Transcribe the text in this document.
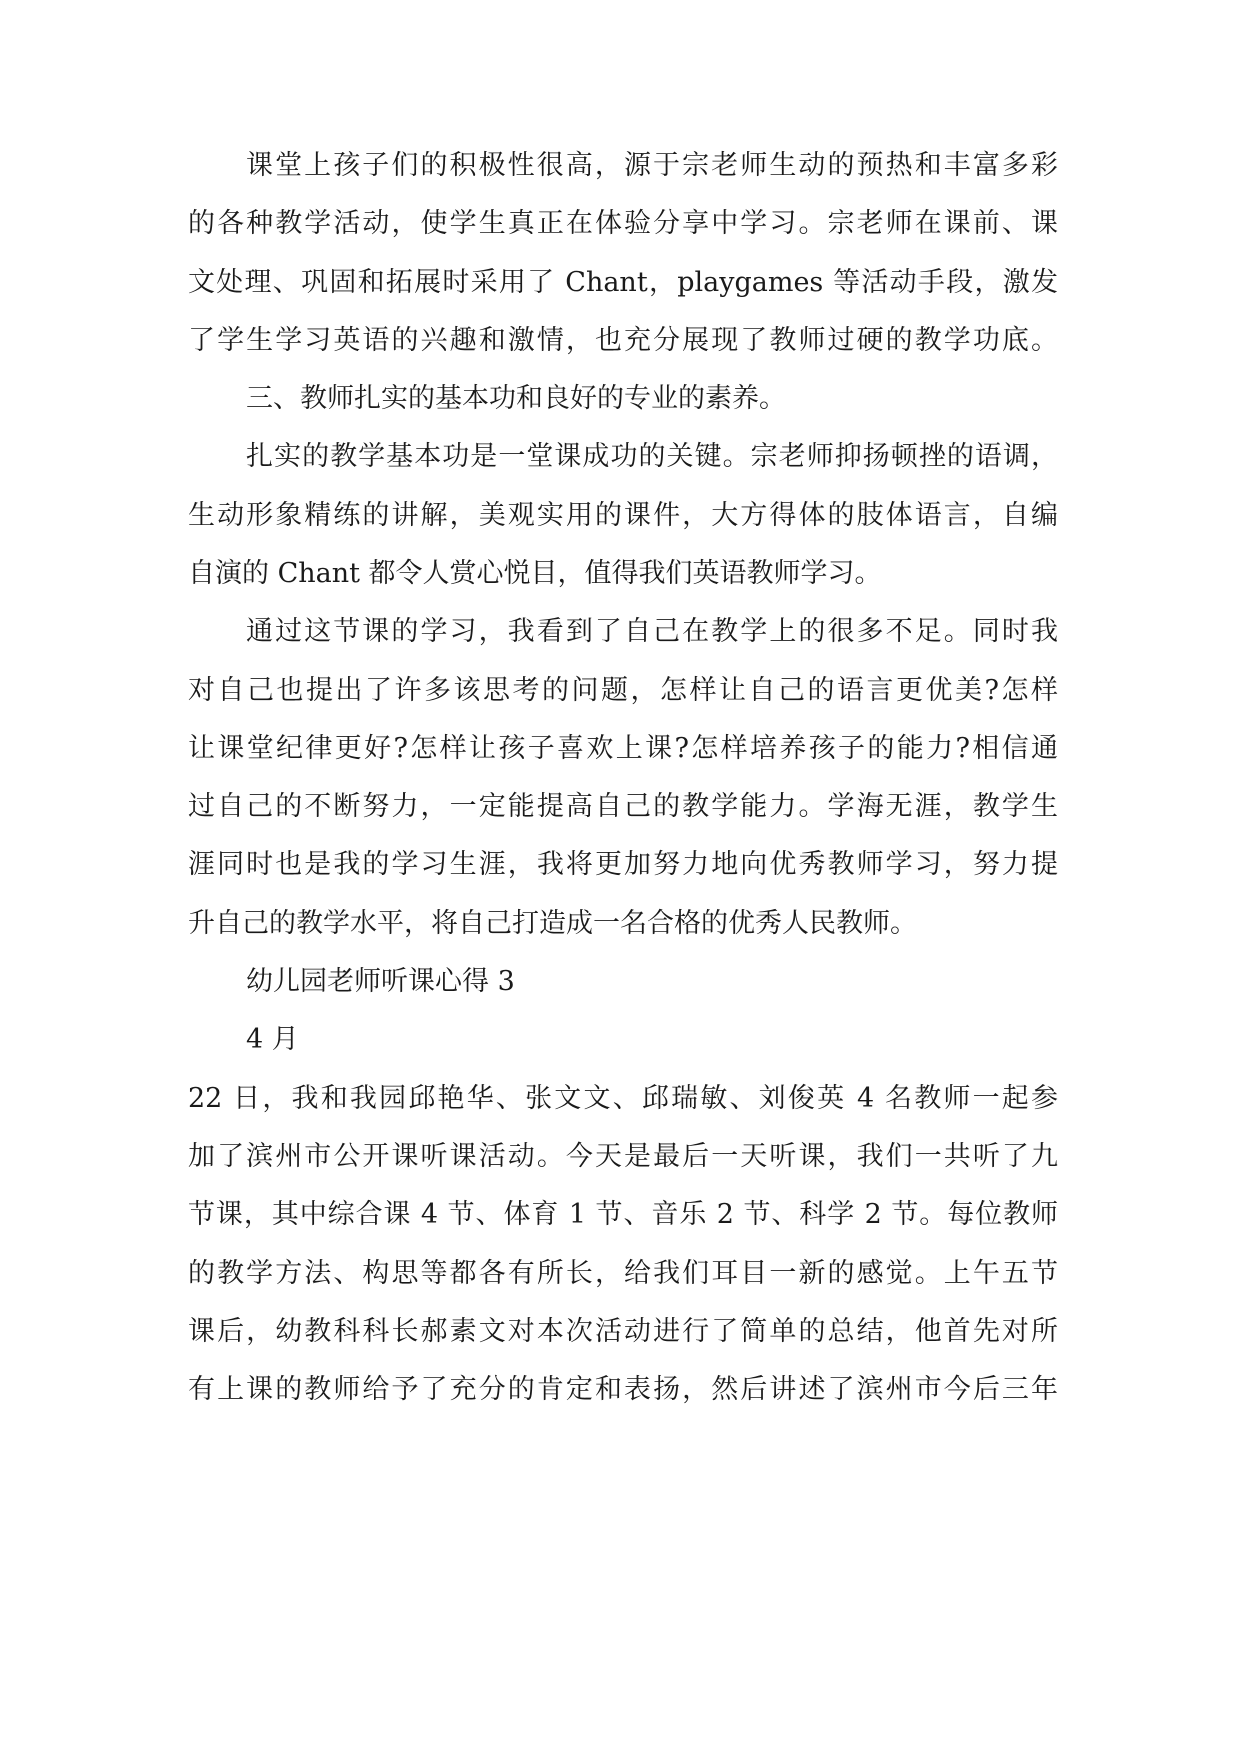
课堂上孩子们的积极性很高，源于宗老师生动的预热和丰富多彩
的各种教学活动，使学生真正在体验分享中学习。宗老师在课前、课
文处理、巩固和拓展时采用了 Chant，playgames 等活动手段，激发
了学生学习英语的兴趣和激情，也充分展现了教师过硬的教学功底。
三、教师扎实的基本功和良好的专业的素养。
扎实的教学基本功是一堂课成功的关键。宗老师抑扬顿挫的语调，
生动形象精练的讲解，美观实用的课件，大方得体的肢体语言，自编
自演的 Chant 都令人赏心悦目，值得我们英语教师学习。
通过这节课的学习，我看到了自己在教学上的很多不足。同时我
对自己也提出了许多该思考的问题，怎样让自己的语言更优美?怎样
让课堂纪律更好?怎样让孩子喜欢上课?怎样培养孩子的能力?相信通
过自己的不断努力，一定能提高自己的教学能力。学海无涯，教学生
涯同时也是我的学习生涯，我将更加努力地向优秀教师学习，努力提
升自己的教学水平，将自己打造成一名合格的优秀人民教师。
幼儿园老师听课心得 3
4 月
22 日，我和我园邱艳华、张文文、邱瑞敏、刘俊英 4 名教师一起参
加了滨州市公开课听课活动。今天是最后一天听课，我们一共听了九
节课，其中综合课 4 节、体育 1 节、音乐 2 节、科学 2 节。每位教师
的教学方法、构思等都各有所长，给我们耳目一新的感觉。上午五节
课后，幼教科科长郝素文对本次活动进行了简单的总结，他首先对所
有上课的教师给予了充分的肯定和表扬，然后讲述了滨州市今后三年
